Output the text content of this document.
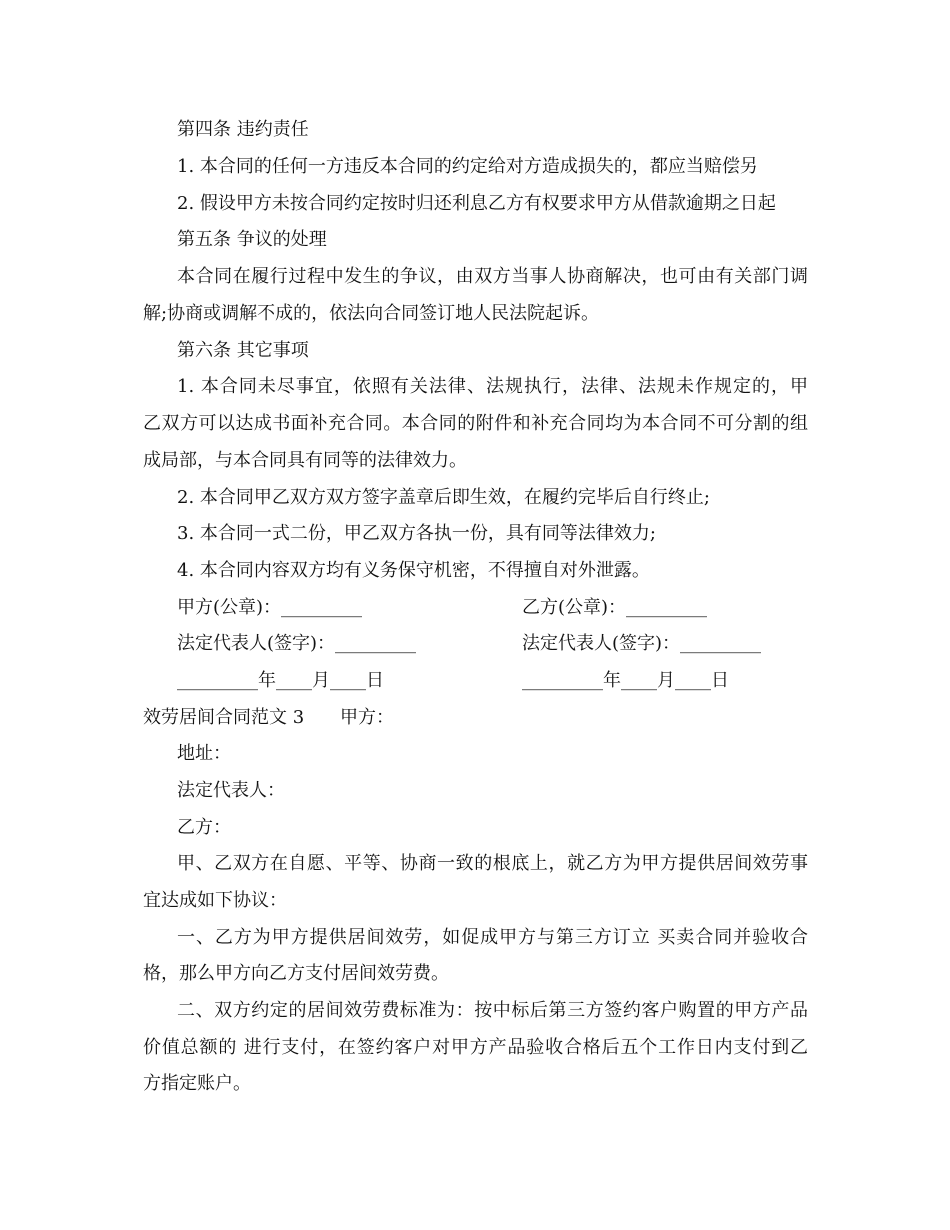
第四条 违约责任
1. 本合同的任何一方违反本合同的约定给对方造成损失的，都应当赔偿另
2. 假设甲方未按合同约定按时归还利息乙方有权要求甲方从借款逾期之日起
第五条 争议的处理
本合同在履行过程中发生的争议，由双方当事人协商解决，也可由有关部门调
解;协商或调解不成的，依法向合同签订地人民法院起诉。
第六条 其它事项
1. 本合同未尽事宜，依照有关法律、法规执行，法律、法规未作规定的，甲
乙双方可以达成书面补充合同。本合同的附件和补充合同均为本合同不可分割的组
成局部，与本合同具有同等的法律效力。
2. 本合同甲乙双方双方签字盖章后即生效，在履约完毕后自行终止;
3. 本合同一式二份，甲乙双方各执一份，具有同等法律效力;
4. 本合同内容双方均有义务保守机密，不得擅自对外泄露。
甲方(公章)：_________	乙方(公章)：_________
法定代表人(签字)：_________	法定代表人(签字)：_________
_________年____月____日	_________年____月____日
效劳居间合同范文 3 甲方：
地址：
法定代表人：
乙方：
甲、乙双方在自愿、平等、协商一致的根底上，就乙方为甲方提供居间效劳事
宜达成如下协议：
一、乙方为甲方提供居间效劳，如促成甲方与第三方订立 买卖合同并验收合
格，那么甲方向乙方支付居间效劳费。
二、双方约定的居间效劳费标准为：按中标后第三方签约客户购置的甲方产品
价值总额的 进行支付，在签约客户对甲方产品验收合格后五个工作日内支付到乙
方指定账户。
